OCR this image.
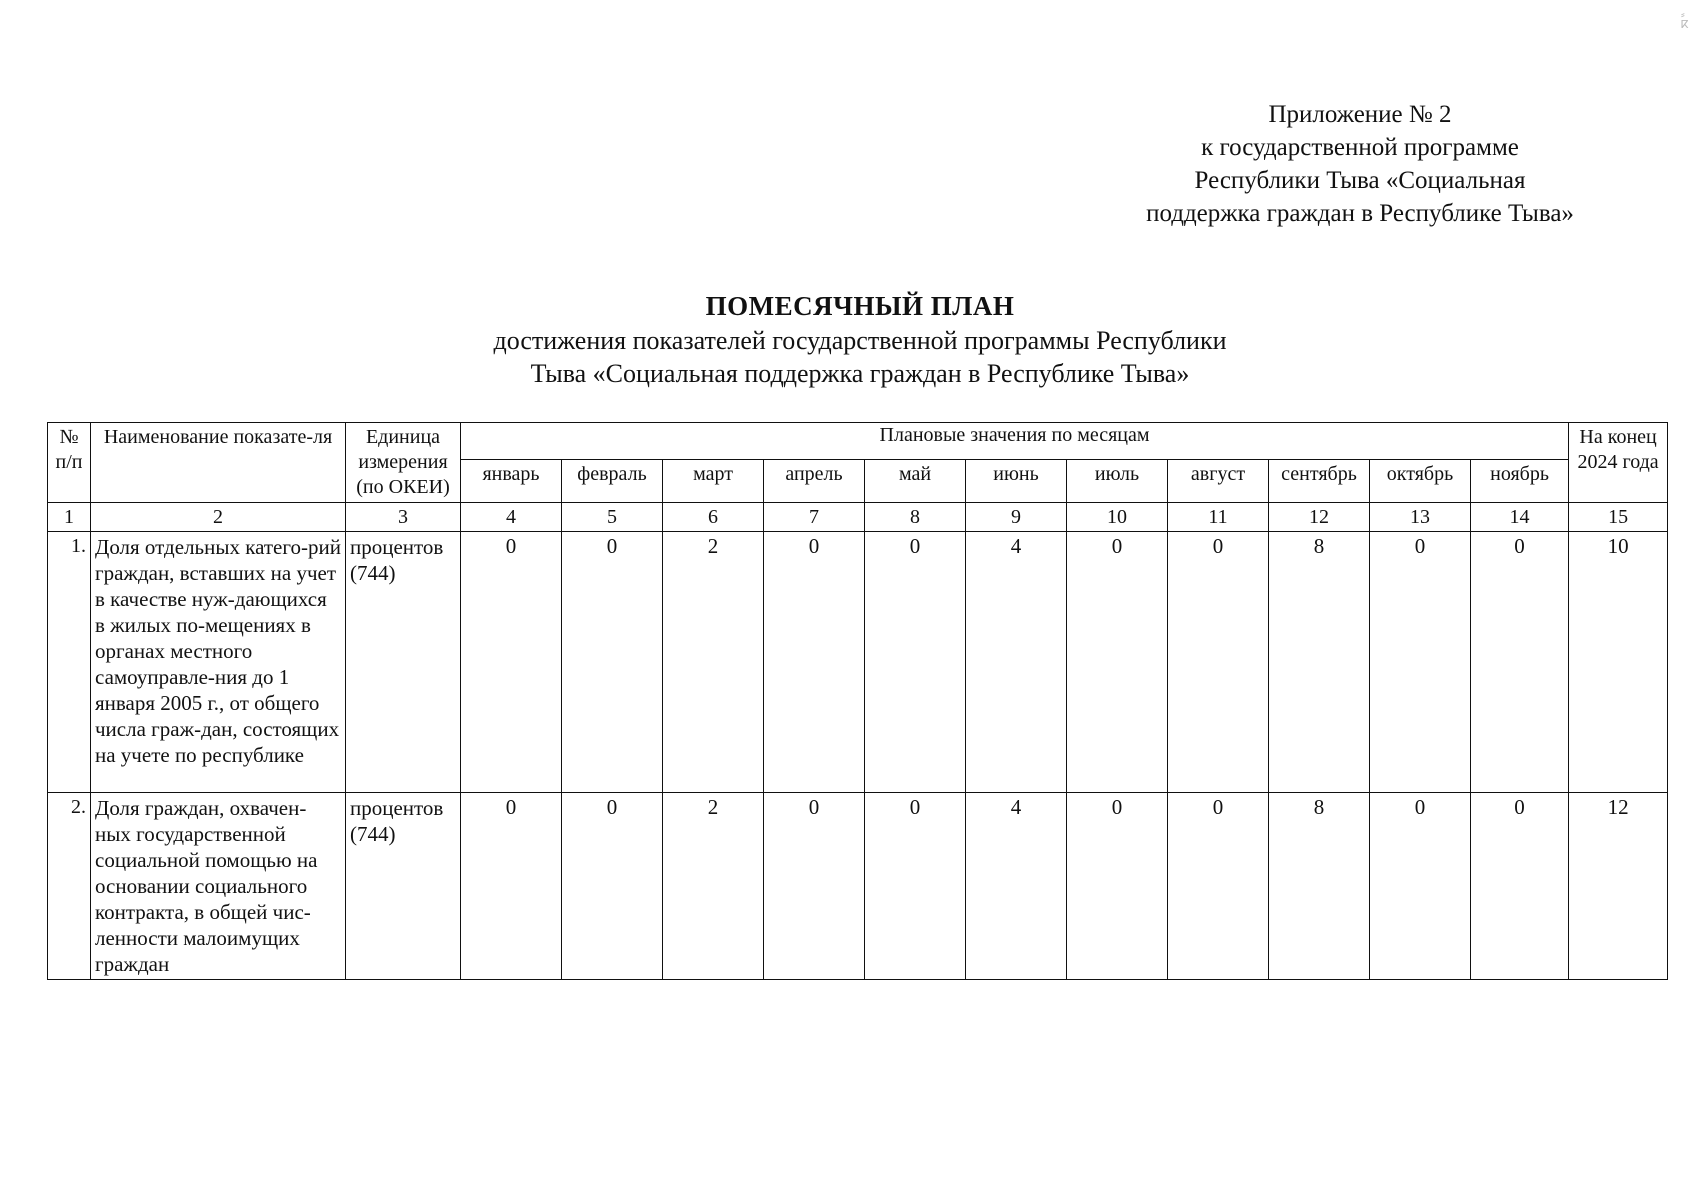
⸗
ⴽ
Приложение № 2
к государственной программе
Республики Тыва «Социальная
поддержка граждан в Республике Тыва»
ПОМЕСЯЧНЫЙ ПЛАН
достижения показателей государственной программы Республики
Тыва «Социальная поддержка граждан в Республике Тыва»
№ п/п	Наименование показате-ля	Единица измерения (по ОКЕИ)	Плановые значения по месяцам											На конец 2024 года
			январь	февраль	март	апрель	май	июнь	июль	август	сентябрь	октябрь	ноябрь	
1	2	3	4	5	6	7	8	9	10	11	12	13	14	15
1.	Доля отдельных катего-рий граждан, вставших на учет в качестве нуж-дающихся в жилых по-мещениях в органах местного самоуправле-ния до 1 января 2005 г., от общего числа граж-дан, состоящих на учете по республике	процентов (744)	0	0	2	0	0	4	0	0	8	0	0	10
2.	Доля граждан, охвачен-ных государственной социальной помощью на основании социального контракта, в общей чис-ленности малоимущих граждан	процентов (744)	0	0	2	0	0	4	0	0	8	0	0	12
